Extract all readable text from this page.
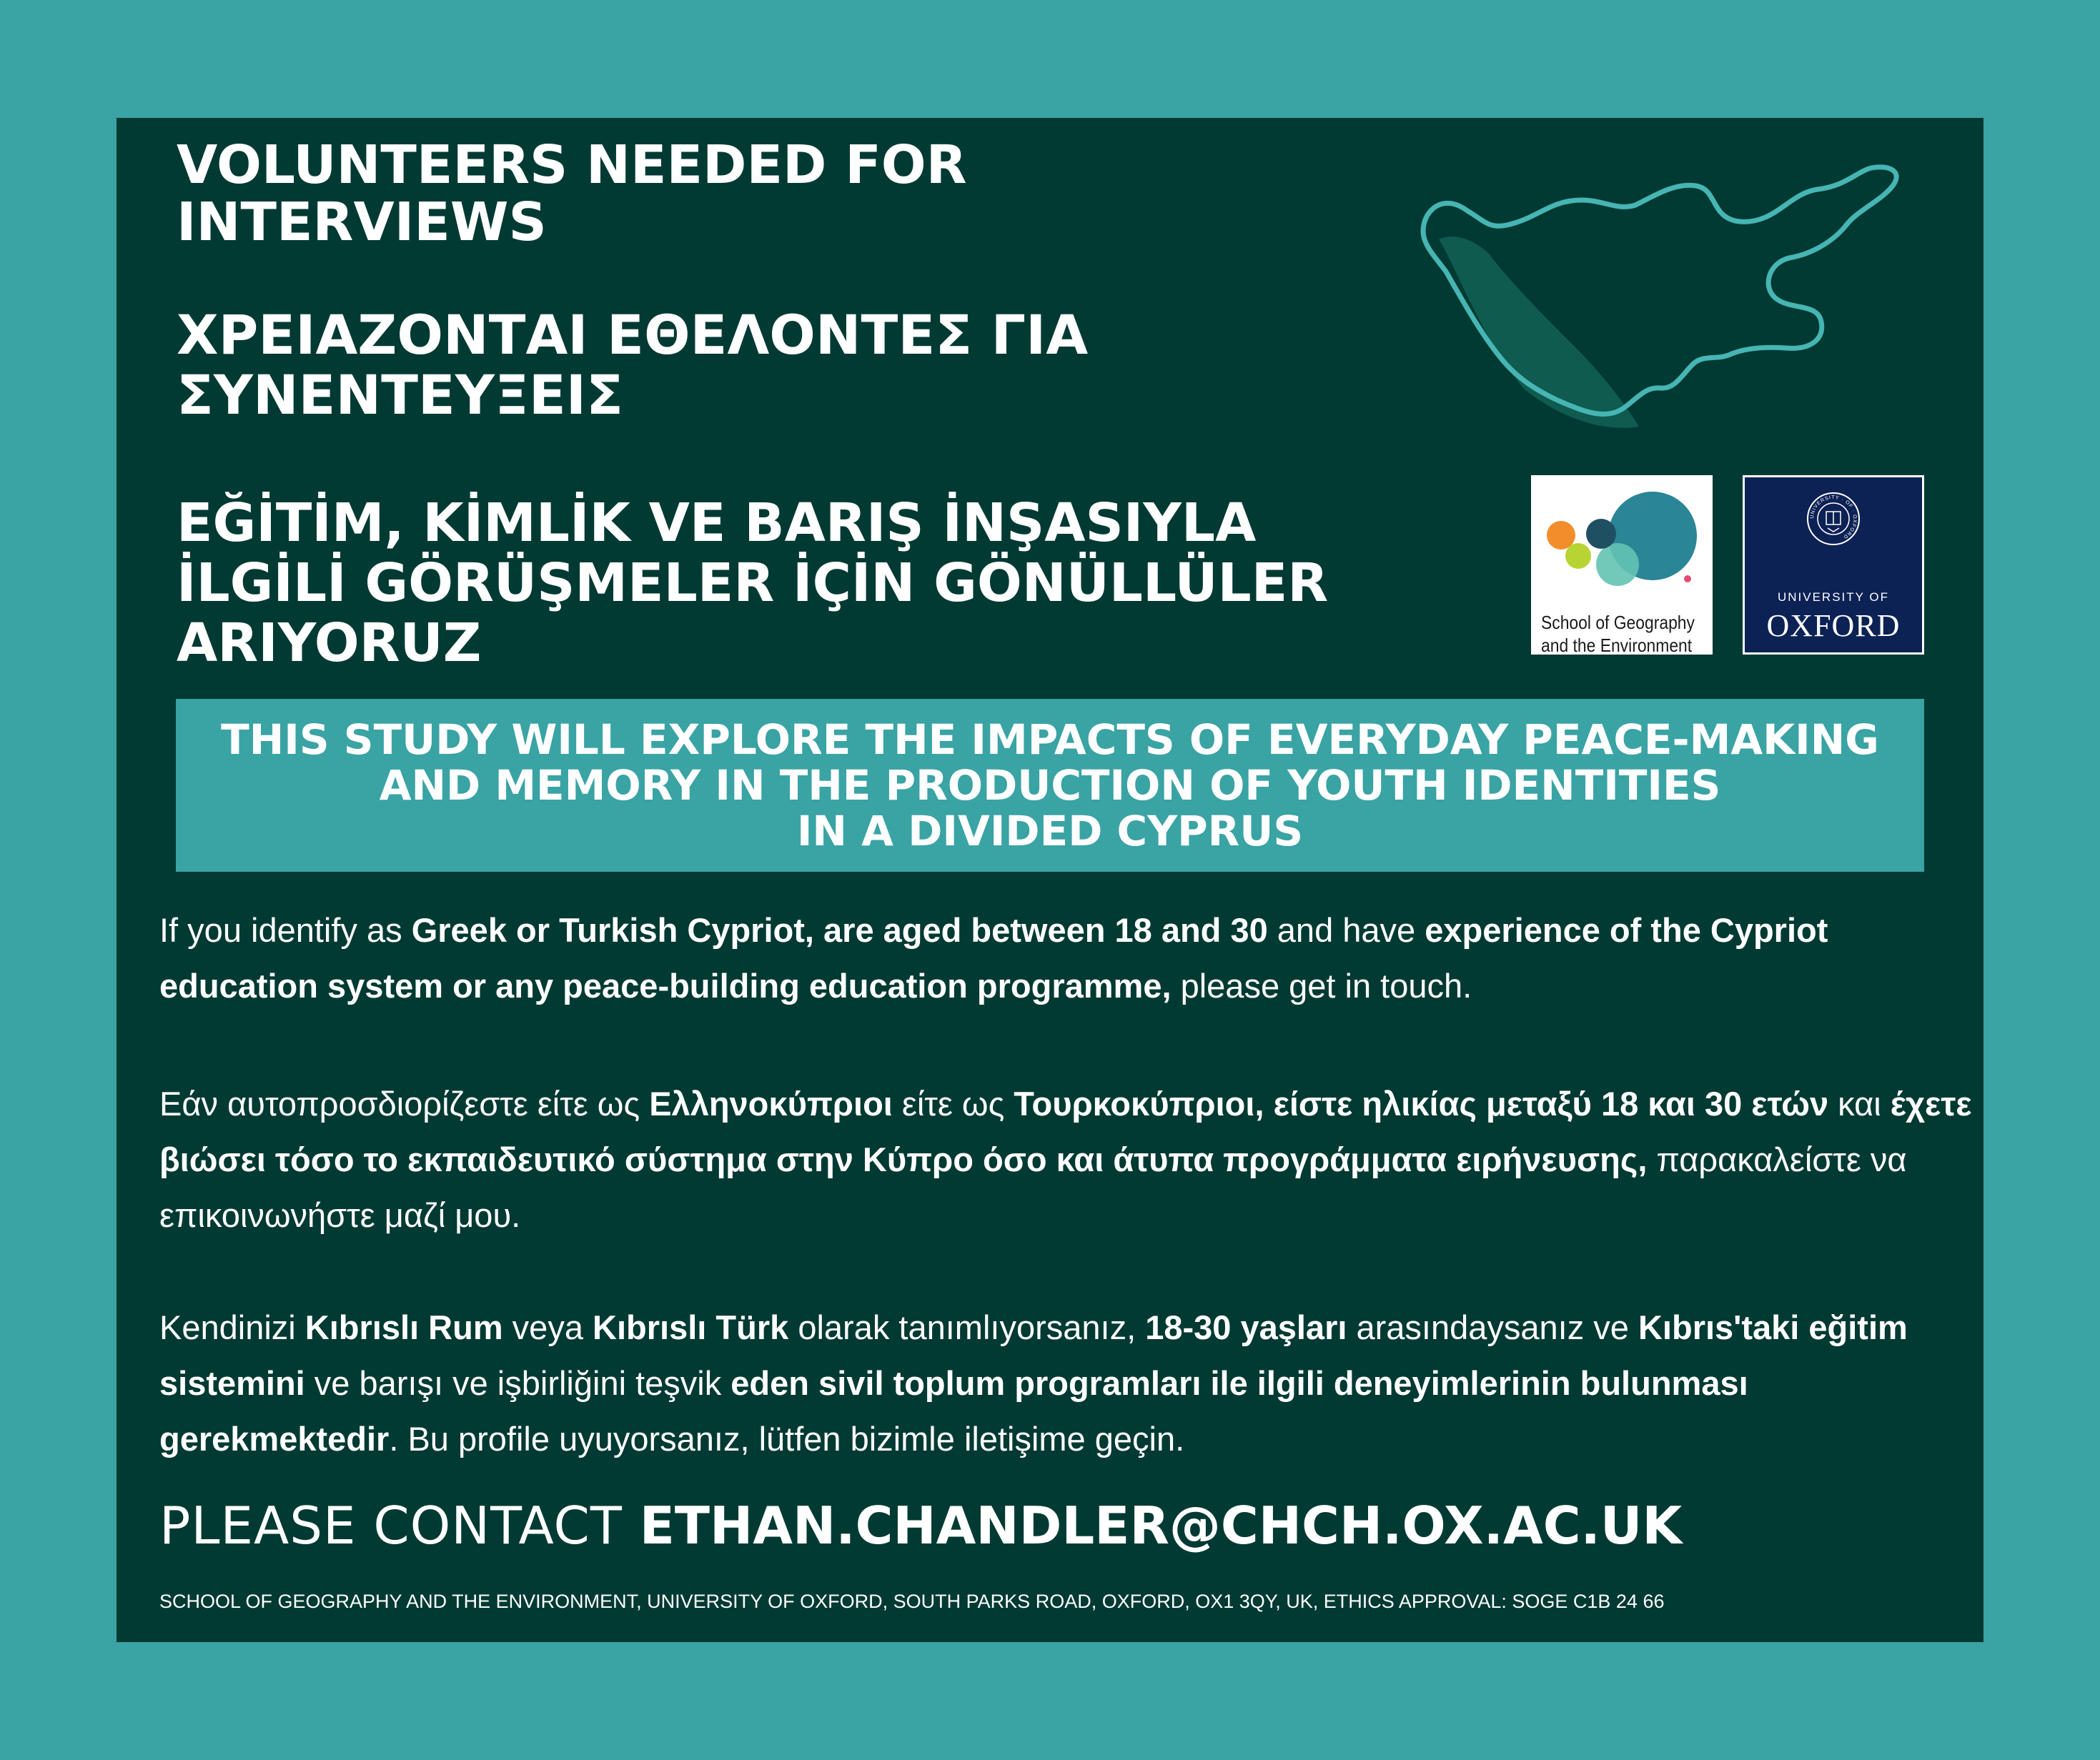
VOLUNTEERS NEEDED FOR
INTERVIEWS
ΧΡΕΙΑΖΟΝΤΑΙ ΕΘΕΛΟΝΤΕΣ ΓΙΑ
ΣΥΝΕΝΤΕΥΞΕΙΣ
EĞİTİM, KİMLİK VE BARIŞ İNŞASIYLA
İLGİLİ GÖRÜŞMELER İÇİN GÖNÜLLÜLER
ARIYORUZ	School of Geography
and the Environment
UNIVERSITY · OF · OXFORD
UNIVERSITY OF
OXFORD

THIS STUDY WILL EXPLORE THE IMPACTS OF EVERYDAY PEACE-MAKING
AND MEMORY IN THE PRODUCTION OF YOUTH IDENTITIES
IN A DIVIDED CYPRUS

If you identify as Greek or Turkish Cypriot, are aged between 18 and 30 and have experience of the Cypriot education system or any peace-building education programme, please get in touch.

Εάν αυτοπροσδιορίζεστε είτε ως Ελληνοκύπριοι είτε ως Τουρκοκύπριοι, είστε ηλικίας μεταξύ 18 και 30 ετών και έχετε βιώσει τόσο το εκπαιδευτικό σύστημα στην Κύπρο όσο και άτυπα προγράμματα ειρήνευσης, παρακαλείστε να επικοινωνήστε μαζί μου.

Kendinizi Kıbrıslı Rum veya Kıbrıslı Türk olarak tanımlıyorsanız, 18-30 yaşları arasındaysanız ve Kıbrıs'taki eğitim sistemini ve barışı ve işbirliğini teşvik eden sivil toplum programları ile ilgili deneyimlerinin bulunması gerekmektedir. Bu profile uyuyorsanız, lütfen bizimle iletişime geçin.

PLEASE CONTACT ETHAN.CHANDLER@CHCH.OX.AC.UK

SCHOOL OF GEOGRAPHY AND THE ENVIRONMENT, UNIVERSITY OF OXFORD, SOUTH PARKS ROAD, OXFORD, OX1 3QY, UK, ETHICS APPROVAL: SOGE C1B 24 66
